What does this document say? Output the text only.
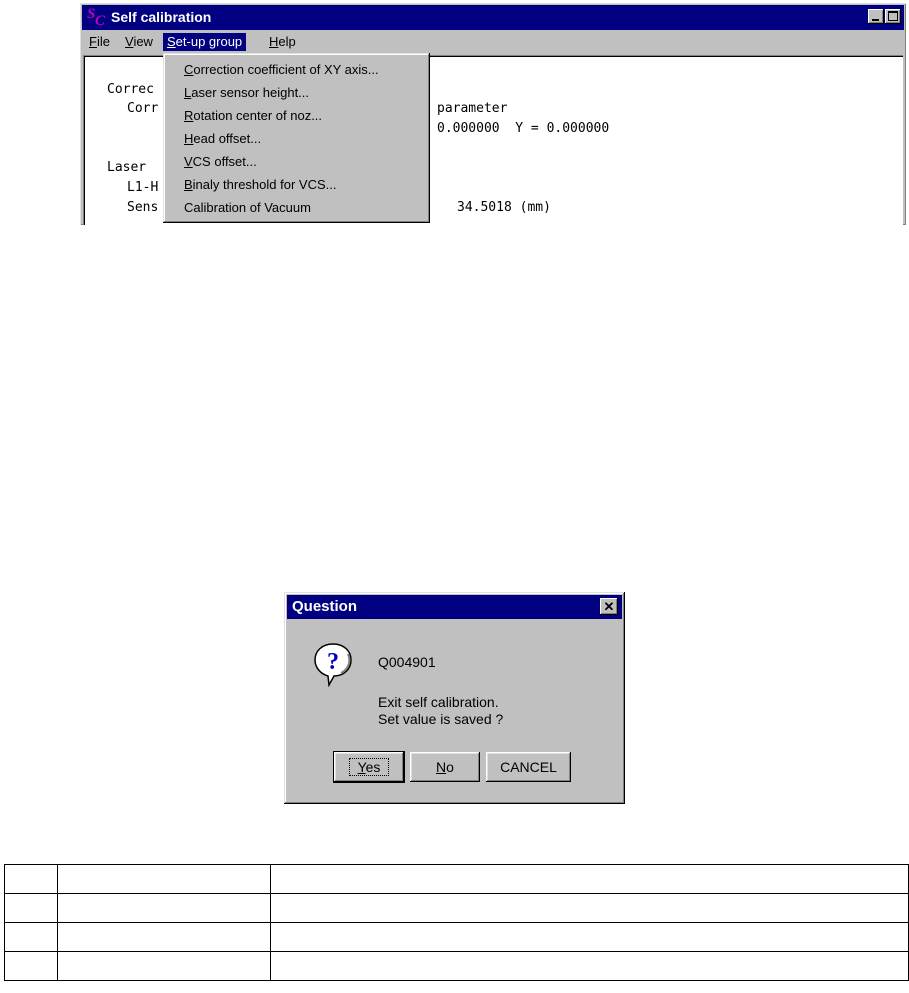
S C Self calibration
File	View	Set-up group	Help
Correc
Corr	parameter
0.000000  Y = 0.000000
Laser
L1-H
Sens	34.5018 (mm)
Correction coefficient of XY axis...
Laser sensor height...
Rotation center of noz...
Head offset...
VCS offset...
Binaly threshold for VCS...
Calibration of Vacuum
Question	✕
?	Q004901
Exit self calibration.
Set value is saved ?
Yes	No	CANCEL
